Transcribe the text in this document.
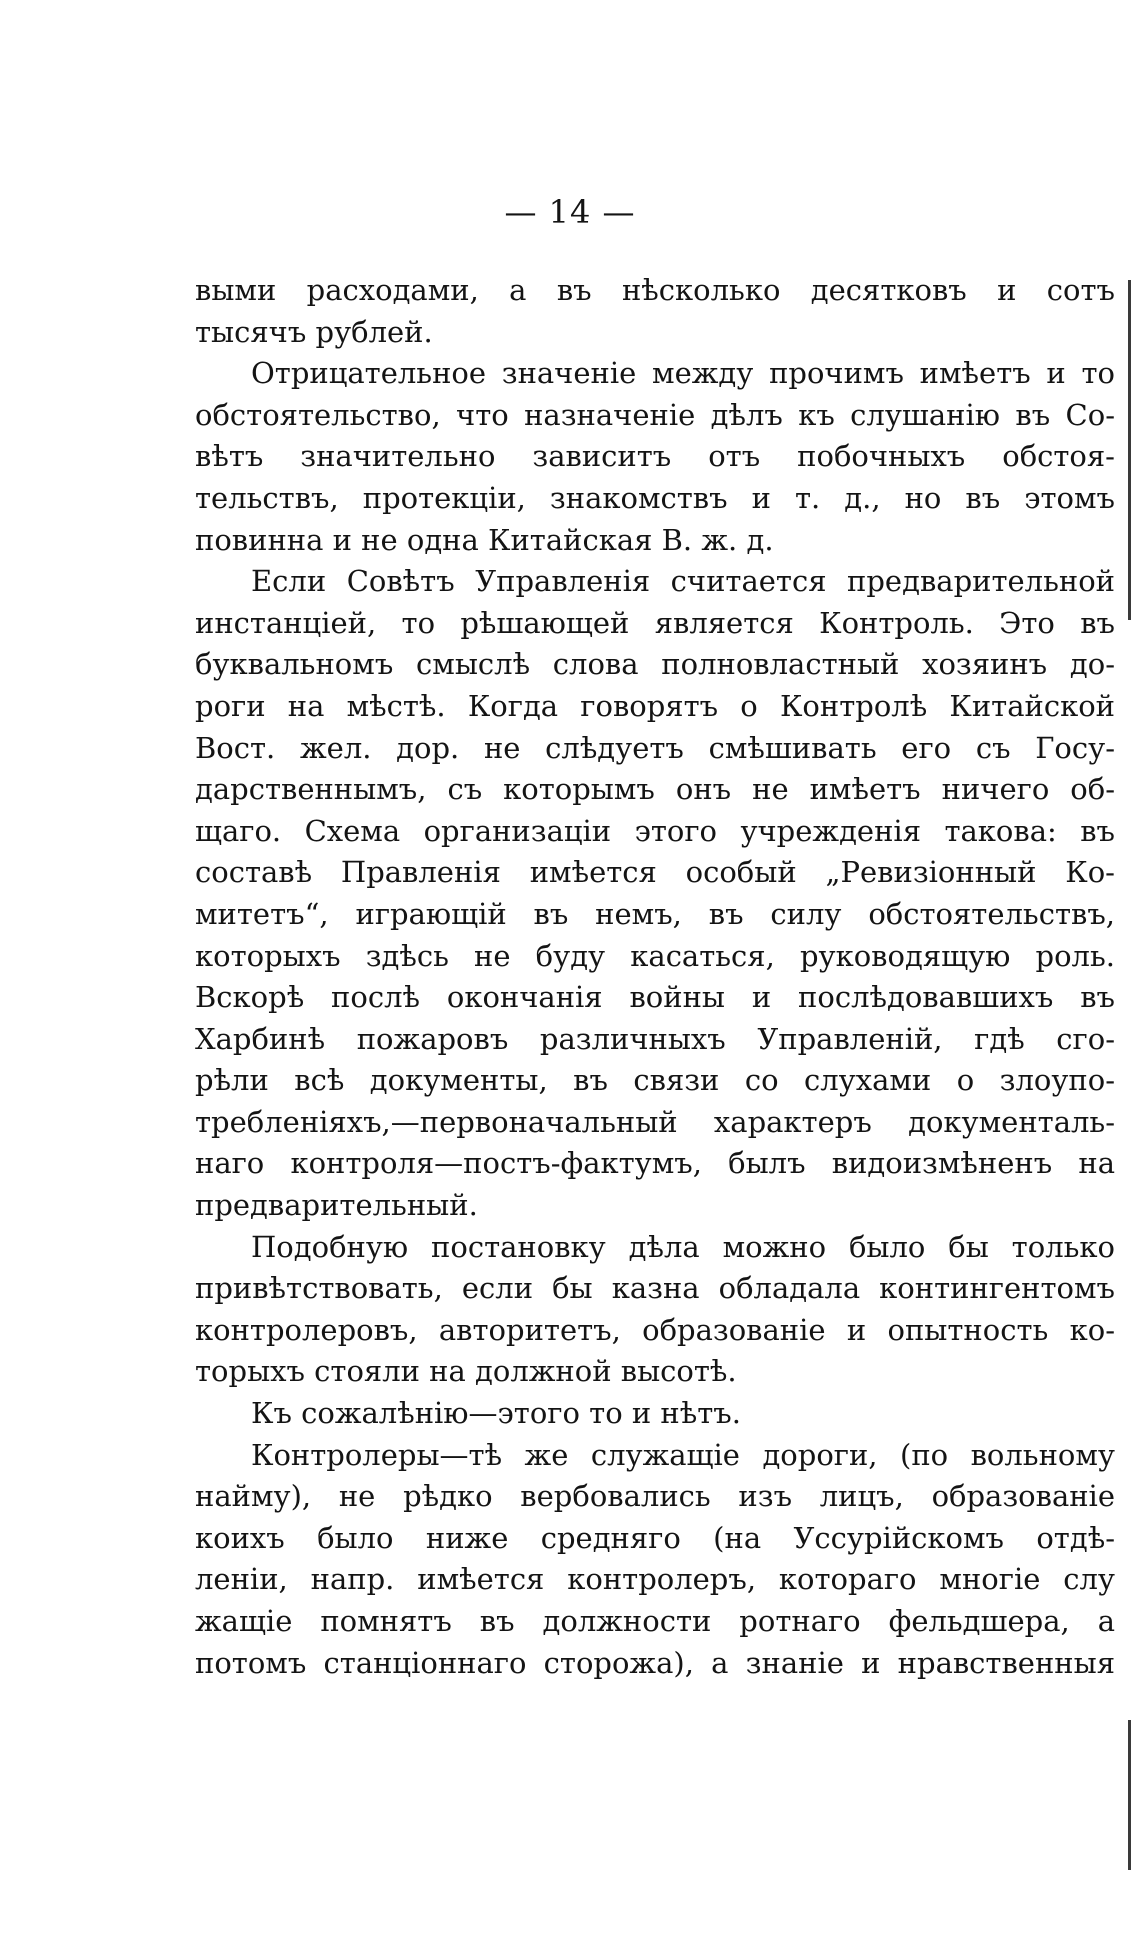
— 14 —
выми расходами, а въ нѣсколько десятковъ и сотъ
тысячъ рублей.
Отрицательное значеніе между прочимъ имѣетъ и то
обстоятельство, что назначеніе дѣлъ къ слушанію въ Со-
вѣтъ значительно зависитъ отъ побочныхъ обстоя-
тельствъ, протекціи, знакомствъ и т. д., но въ этомъ
повинна и не одна Китайская В. ж. д.
Если Совѣтъ Управленія считается предварительной
инстанціей, то рѣшающей является Контроль. Это въ
буквальномъ смыслѣ слова полновластный хозяинъ до-
роги на мѣстѣ. Когда говорятъ о Контролѣ Китайской
Вост. жел. дор. не слѣдуетъ смѣшивать его съ Госу-
дарственнымъ, съ которымъ онъ не имѣетъ ничего об-
щаго. Схема организаціи этого учрежденія такова: въ
составѣ Правленія имѣется особый „Ревизіонный Ко-
митетъ“, играющій въ немъ, въ силу обстоятельствъ,
которыхъ здѣсь не буду касаться, руководящую роль.
Вскорѣ послѣ окончанія войны и послѣдовавшихъ въ
Харбинѣ пожаровъ различныхъ Управленій, гдѣ сго-
рѣли всѣ документы, въ связи со слухами о злоупо-
требленіяхъ,—первоначальный характеръ документаль-
наго контроля—постъ-фактумъ, былъ видоизмѣненъ на
предварительный.
Подобную постановку дѣла можно было бы только
привѣтствовать, если бы казна обладала контингентомъ
контролеровъ, авторитетъ, образованіе и опытность ко-
торыхъ стояли на должной высотѣ.
Къ сожалѣнію—этого то и нѣтъ.
Контролеры—тѣ же служащіе дороги, (по вольному
найму), не рѣдко вербовались изъ лицъ, образованіе
коихъ было ниже средняго (на Уссурійскомъ отдѣ-
леніи, напр. имѣется контролеръ, котораго многіе слу
жащіе помнятъ въ должности ротнаго фельдшера, а
потомъ станціоннаго сторожа), а знаніе и нравственныя
